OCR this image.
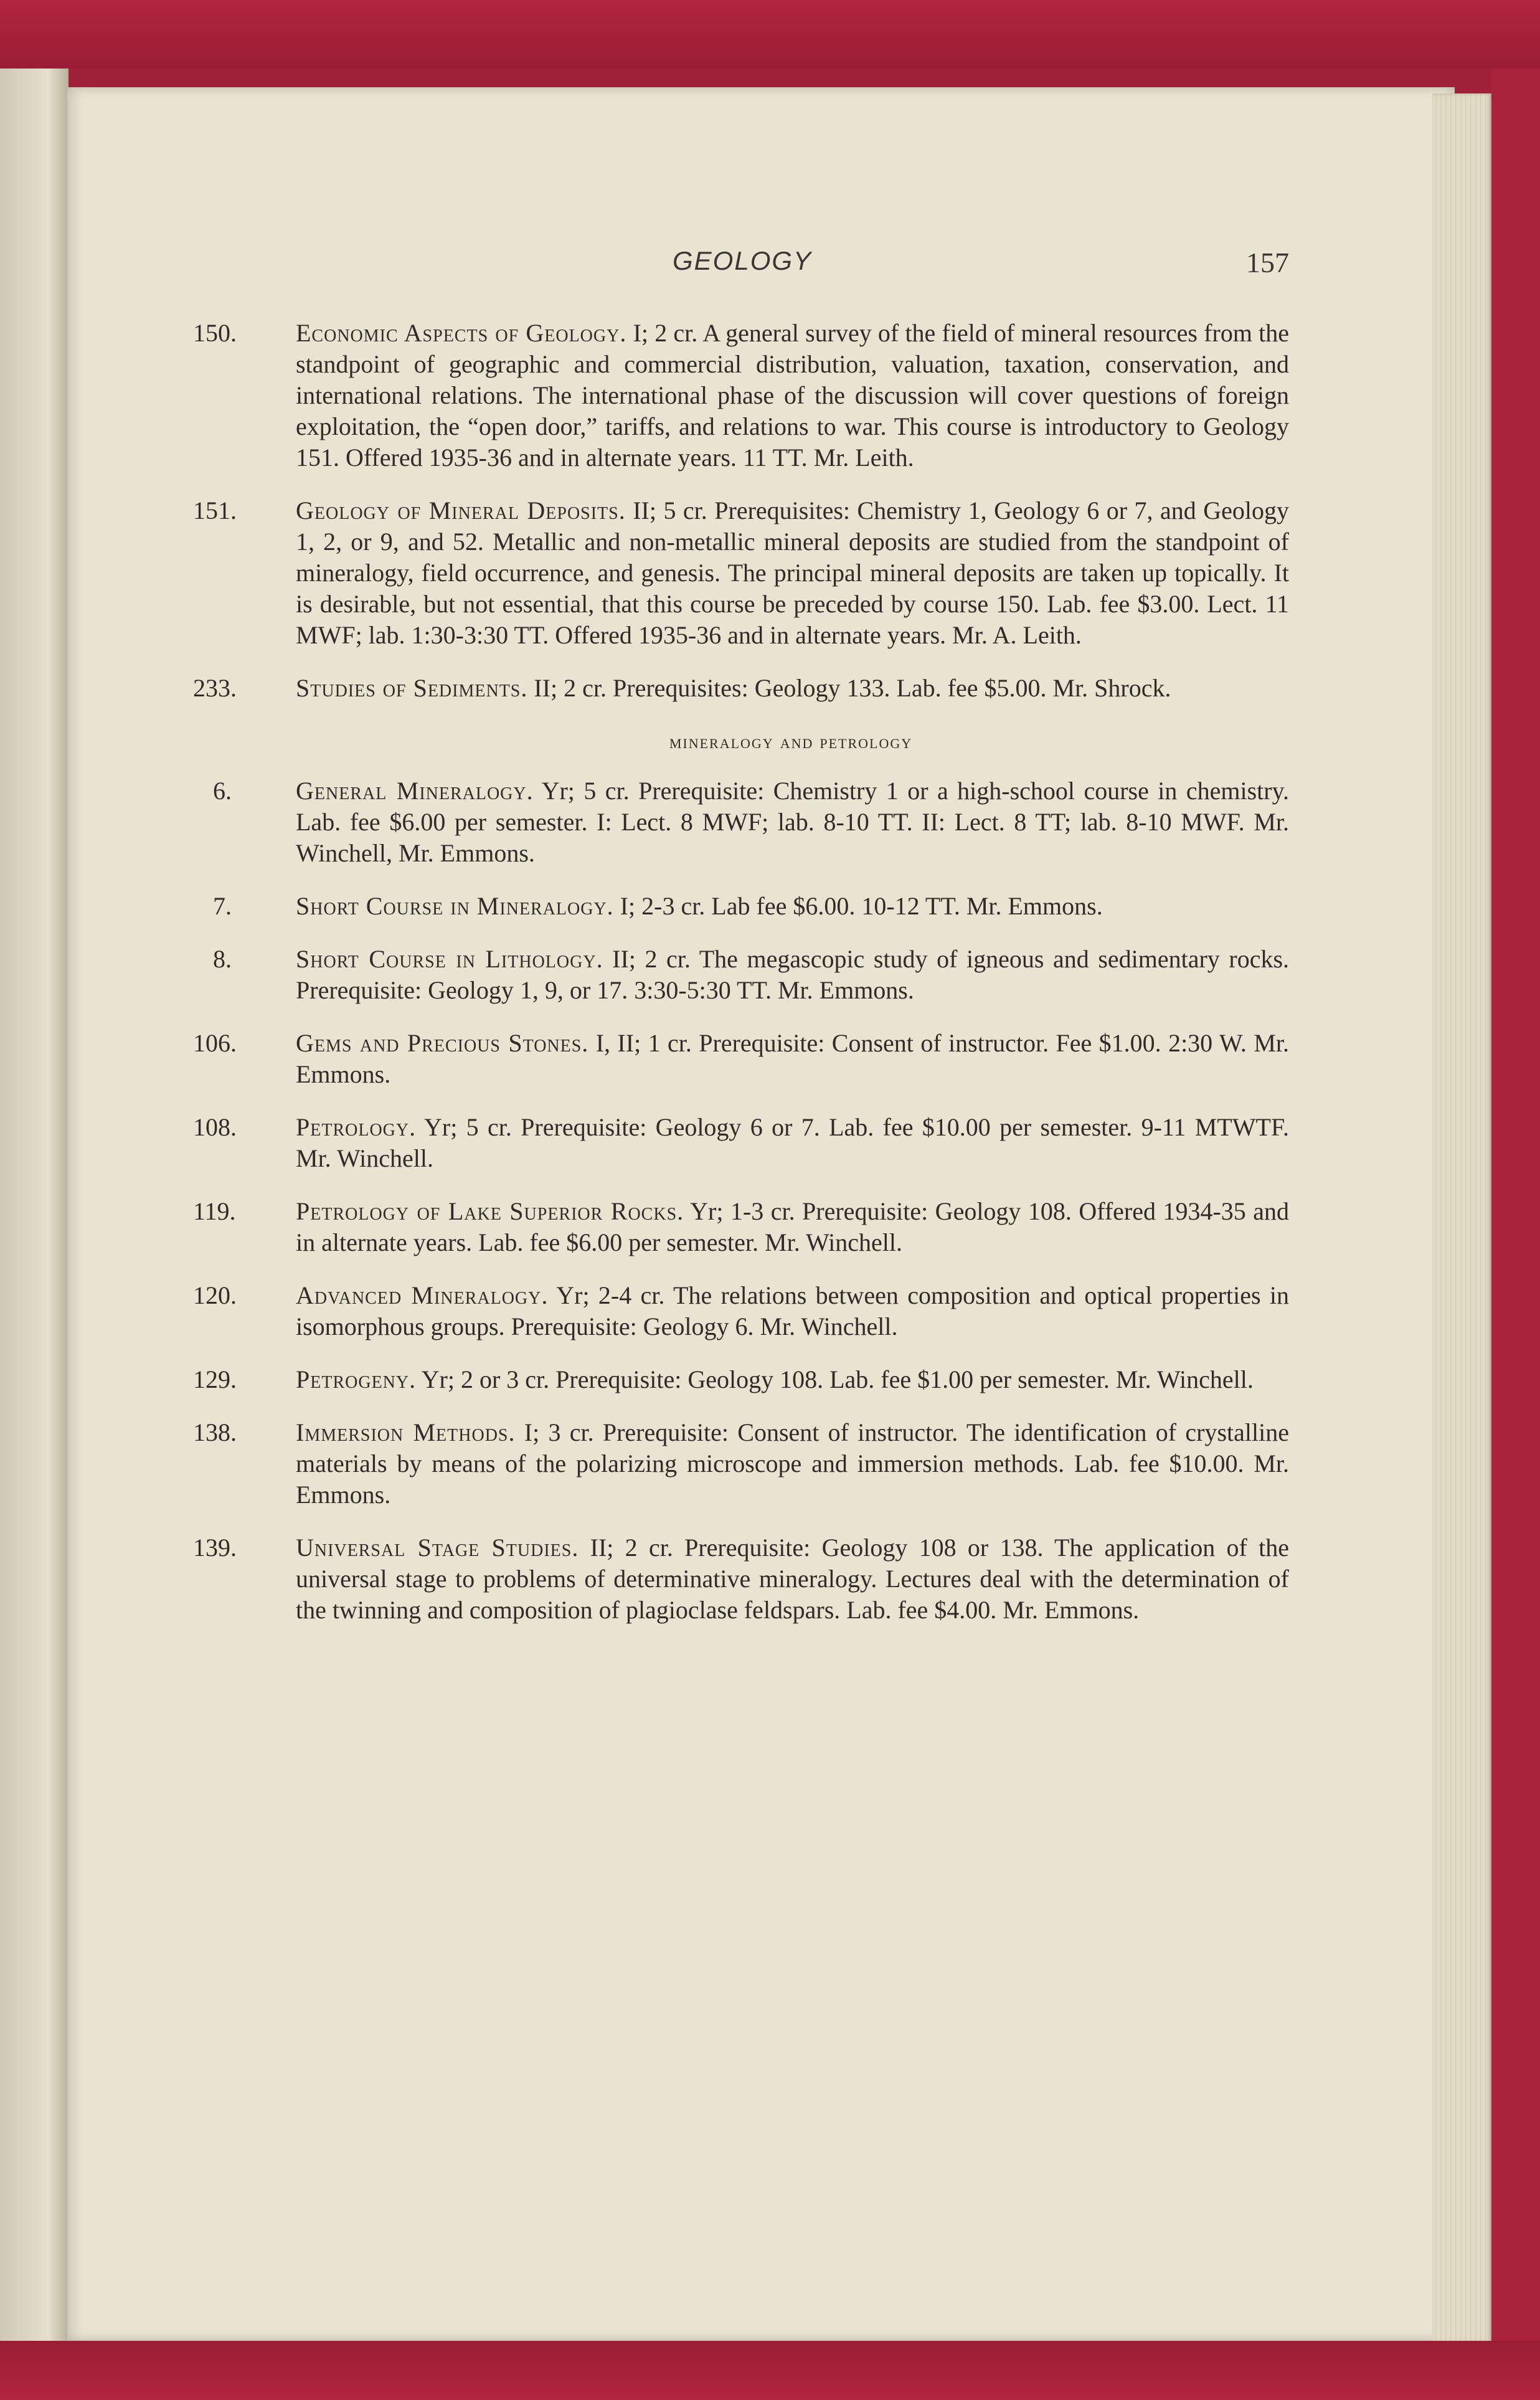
GEOLOGY	157
150. Economic Aspects of Geology. I; 2 cr. A general survey of the field of mineral resources from the standpoint of geographic and commercial distribution, valuation, taxation, conservation, and international relations. The international phase of the discussion will cover questions of foreign exploitation, the “open door,” tariffs, and relations to war. This course is introductory to Geology 151. Offered 1935-36 and in alternate years. 11 TT. Mr. Leith.
151. Geology of Mineral Deposits. II; 5 cr. Prerequisites: Chemistry 1, Geology 6 or 7, and Geology 1, 2, or 9, and 52. Metallic and non-metallic mineral deposits are studied from the standpoint of mineralogy, field occurrence, and genesis. The principal mineral deposits are taken up topically. It is desirable, but not essential, that this course be preceded by course 150. Lab. fee $3.00. Lect. 11 MWF; lab. 1:30-3:30 TT. Offered 1935-36 and in alternate years. Mr. A. Leith.
233. Studies of Sediments. II; 2 cr. Prerequisites: Geology 133. Lab. fee $5.00. Mr. Shrock.
mineralogy and petrology
6.	General Mineralogy. Yr; 5 cr. Prerequisite: Chemistry 1 or a high-school course in chemistry. Lab. fee $6.00 per semester. I: Lect. 8 MWF; lab. 8-10 TT. II: Lect. 8 TT; lab. 8-10 MWF. Mr. Winchell, Mr. Emmons.
7.	Short Course in Mineralogy. I; 2-3 cr. Lab fee $6.00. 10-12 TT. Mr. Emmons.
8.	Short Course in Lithology. II; 2 cr. The megascopic study of igneous and sedimentary rocks. Prerequisite: Geology 1, 9, or 17. 3:30-5:30 TT. Mr. Emmons.
106. Gems and Precious Stones. I, II; 1 cr. Prerequisite: Consent of instructor. Fee $1.00. 2:30 W. Mr. Emmons.
108. Petrology. Yr; 5 cr. Prerequisite: Geology 6 or 7. Lab. fee $10.00 per semester. 9-11 MTWTF. Mr. Winchell.
119. Petrology of Lake Superior Rocks. Yr; 1-3 cr. Prerequisite: Geology 108. Offered 1934-35 and in alternate years. Lab. fee $6.00 per semester. Mr. Winchell.
120. Advanced Mineralogy. Yr; 2-4 cr. The relations between composition and optical properties in isomorphous groups. Prerequisite: Geology 6. Mr. Winchell.
129. Petrogeny. Yr; 2 or 3 cr. Prerequisite: Geology 108. Lab. fee $1.00 per semester. Mr. Winchell.
138. Immersion Methods. I; 3 cr. Prerequisite: Consent of instructor. The identification of crystalline materials by means of the polarizing microscope and immersion methods. Lab. fee $10.00. Mr. Emmons.
139. Universal Stage Studies. II; 2 cr. Prerequisite: Geology 108 or 138. The application of the universal stage to problems of determinative mineralogy. Lectures deal with the determination of the twinning and composition of plagioclase feldspars. Lab. fee $4.00. Mr. Emmons.
